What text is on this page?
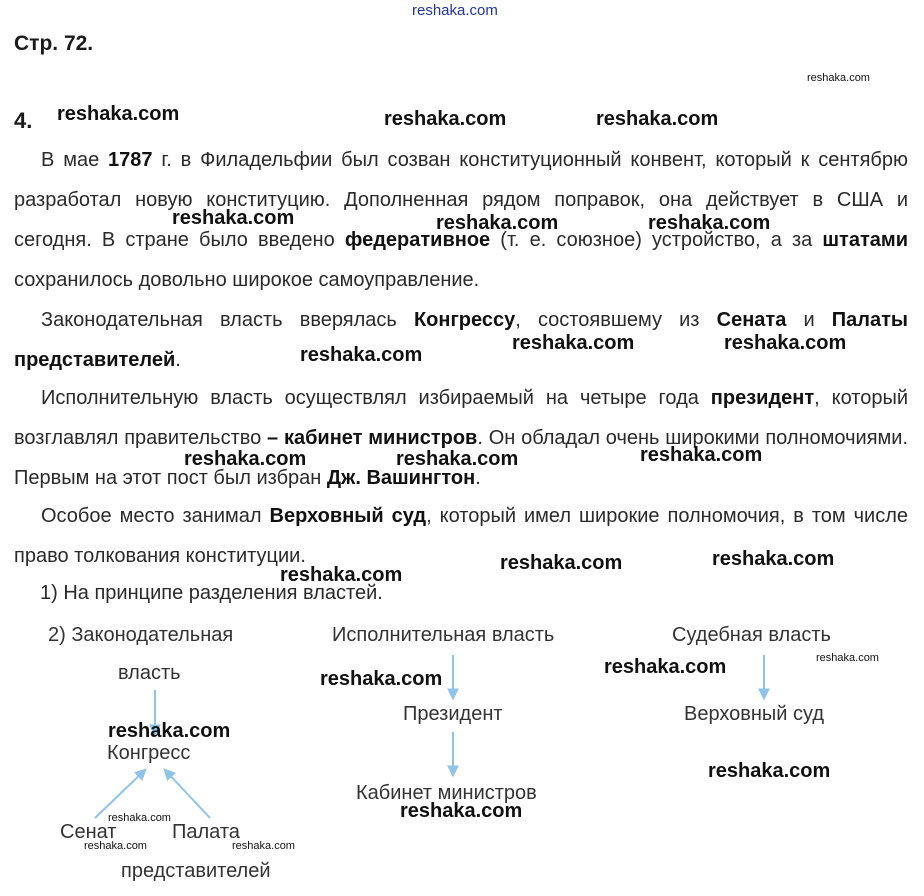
reshaka.com
Стр. 72.
4.
В мае 1787 г. в Филадельфии был созван конституционный конвент, который к сентябрю разработал новую конституцию. Дополненная рядом поправок, она действует в США и сегодня. В стране было введено федеративное (т. е. союзное) устройство, а за штатами сохранилось довольно широкое самоуправление.
Законодательная власть вверялась Конгрессу, состоявшему из Сената и Палаты представителей.
Исполнительную власть осуществлял избираемый на четыре года президент, который возглавлял правительство – кабинет министров. Он обладал очень широкими полномочиями. Первым на этот пост был избран Дж. Вашингтон.
Особое место занимал Верховный суд, который имел широкие полномочия, в том числе право толкования конституции.
1) На принципе разделения властей.
2) Законодательная
власть
Исполнительная власть	Судебная власть
Конгресс
Президент	Верховный суд
Кабинет министров
Сенат	Палата
представителей
reshaka.com
reshaka.com	reshaka.com	reshaka.com
reshaka.com	reshaka.com	reshaka.com
reshaka.com
reshaka.com	reshaka.com
reshaka.com	reshaka.com	reshaka.com
reshaka.com	reshaka.com
reshaka.com
reshaka.com	reshaka.com
reshaka.com
reshaka.com
reshaka.com
reshaka.com
reshaka.com
reshaka.com	reshaka.com
